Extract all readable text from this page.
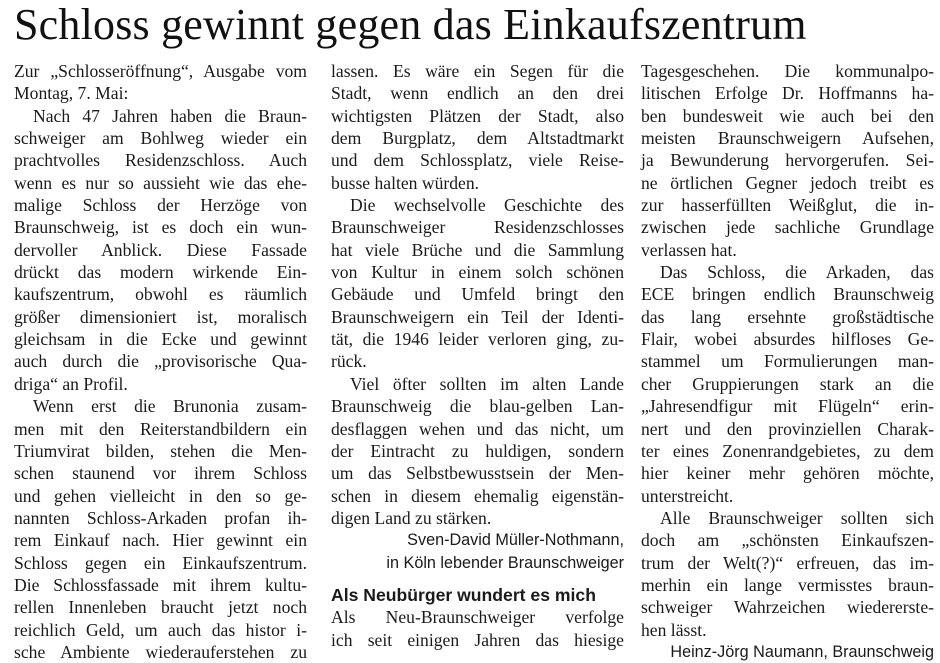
Schloss gewinnt gegen das Einkaufszentrum
Zur „Schlosseröffnung“, Ausgabe vom
Montag, 7. Mai:
Nach 47 Jahren haben die Braun-
schweiger am Bohlweg wieder ein
prachtvolles Residenzschloss. Auch
wenn es nur so aussieht wie das ehe-
malige Schloss der Herzöge von
Braunschweig, ist es doch ein wun-
dervoller Anblick. Diese Fassade
drückt das modern wirkende Ein-
kaufszentrum, obwohl es räumlich
größer dimensioniert ist, moralisch
gleichsam in die Ecke und gewinnt
auch durch die „provisorische Qua-
driga“ an Profil.
Wenn erst die Brunonia zusam-
men mit den Reiterstandbildern ein
Triumvirat bilden, stehen die Men-
schen staunend vor ihrem Schloss
und gehen vielleicht in den so ge-
nannten Schloss-Arkaden profan ih-
rem Einkauf nach. Hier gewinnt ein
Schloss gegen ein Einkaufszentrum.
Die Schlossfassade mit ihrem kultu-
rellen Innenleben braucht jetzt noch
reichlich Geld, um auch das histor i-
sche Ambiente wiederauferstehen zu
lassen. Es wäre ein Segen für die
Stadt, wenn endlich an den drei
wichtigsten Plätzen der Stadt, also
dem Burgplatz, dem Altstadtmarkt
und dem Schlossplatz, viele Reise-
busse halten würden.
Die wechselvolle Geschichte des
Braunschweiger Residenzschlosses
hat viele Brüche und die Sammlung
von Kultur in einem solch schönen
Gebäude und Umfeld bringt den
Braunschweigern ein Teil der Identi-
tät, die 1946 leider verloren ging, zu-
rück.
Viel öfter sollten im alten Lande
Braunschweig die blau-gelben Lan-
desflaggen wehen und das nicht, um
der Eintracht zu huldigen, sondern
um das Selbstbewusstsein der Men-
schen in diesem ehemalig eigenstän-
digen Land zu stärken.
Sven-David Müller-Nothmann,
in Köln lebender Braunschweiger
Als Neubürger wundert es mich
Als Neu-Braunschweiger verfolge
ich seit einigen Jahren das hiesige
Tagesgeschehen. Die kommunalpo-
litischen Erfolge Dr. Hoffmanns ha-
ben bundesweit wie auch bei den
meisten Braunschweigern Aufsehen,
ja Bewunderung hervorgerufen. Sei-
ne örtlichen Gegner jedoch treibt es
zur hasserfüllten Weißglut, die in-
zwischen jede sachliche Grundlage
verlassen hat.
Das Schloss, die Arkaden, das
ECE bringen endlich Braunschweig
das lang ersehnte großstädtische
Flair, wobei absurdes hilfloses Ge-
stammel um Formulierungen man-
cher Gruppierungen stark an die
„Jahresendfigur mit Flügeln“ erin-
nert und den provinziellen Charak-
ter eines Zonenrandgebietes, zu dem
hier keiner mehr gehören möchte,
unterstreicht.
Alle Braunschweiger sollten sich
doch am „schönsten Einkaufszen-
trum der Welt(?)“ erfreuen, das im-
merhin ein lange vermisstes braun-
schweiger Wahrzeichen wiedererste-
hen lässt.
Heinz-Jörg Naumann, Braunschweig
